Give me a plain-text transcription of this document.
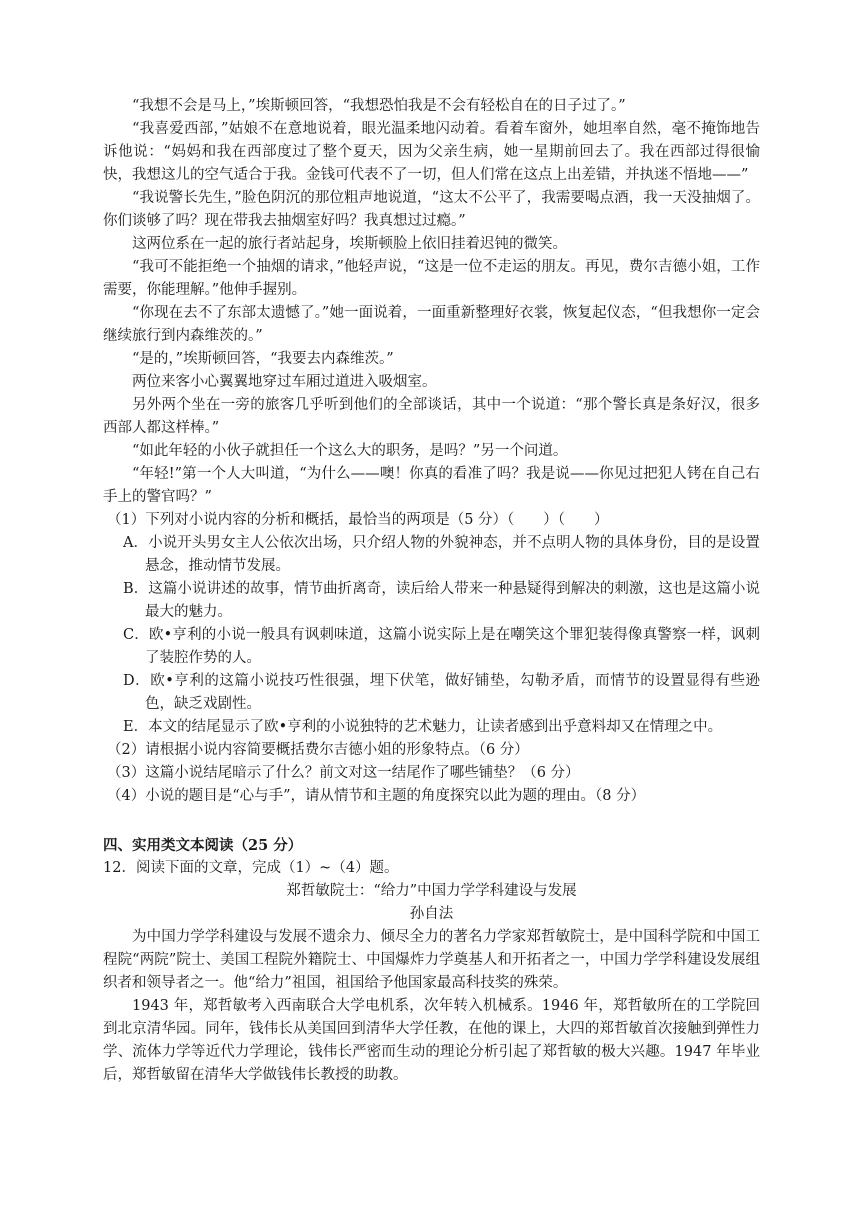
“我想不会是马上，”埃斯顿回答，“我想恐怕我是不会有轻松自在的日子过了。”

“我喜爱西部，”姑娘不在意地说着，眼光温柔地闪动着。看着车窗外，她坦率自然，毫不掩饰地告诉他说：“妈妈和我在西部度过了整个夏天，因为父亲生病，她一星期前回去了。我在西部过得很愉快，我想这儿的空气适合于我。金钱可代表不了一切，但人们常在这点上出差错，并执迷不悟地——”

“我说警长先生，”脸色阴沉的那位粗声地说道，“这太不公平了，我需要喝点酒，我一天没抽烟了。你们谈够了吗？现在带我去抽烟室好吗？我真想过过瘾。”

这两位系在一起的旅行者站起身，埃斯顿脸上依旧挂着迟钝的微笑。

“我可不能拒绝一个抽烟的请求，”他轻声说，“这是一位不走运的朋友。再见，费尔吉德小姐，工作需要，你能理解。”他伸手握别。

“你现在去不了东部太遗憾了。”她一面说着，一面重新整理好衣裳，恢复起仪态，“但我想你一定会继续旅行到内森维茨的。”

“是的，”埃斯顿回答，“我要去内森维茨。”

两位来客小心翼翼地穿过车厢过道进入吸烟室。

另外两个坐在一旁的旅客几乎听到他们的全部谈话，其中一个说道：“那个警长真是条好汉，很多西部人都这样棒。”

“如此年轻的小伙子就担任一个这么大的职务，是吗？”另一个问道。

“年轻!”第一个人大叫道，“为什么——噢！你真的看准了吗？我是说——你见过把犯人铐在自己右手上的警官吗？”

（1）下列对小说内容的分析和概括，最恰当的两项是（5 分）（　　）（　　）

A．小说开头男女主人公依次出场，只介绍人物的外貌神态，并不点明人物的具体身份，目的是设置悬念，推动情节发展。

B．这篇小说讲述的故事，情节曲折离奇，读后给人带来一种悬疑得到解决的刺激，这也是这篇小说最大的魅力。

C．欧•亨利的小说一般具有讽刺味道，这篇小说实际上是在嘲笑这个罪犯装得像真警察一样，讽刺了装腔作势的人。

D．欧•亨利的这篇小说技巧性很强，埋下伏笔，做好铺垫，勾勒矛盾，而情节的设置显得有些逊色，缺乏戏剧性。

E．本文的结尾显示了欧•亨利的小说独特的艺术魅力，让读者感到出乎意料却又在情理之中。

（2）请根据小说内容简要概括费尔吉德小姐的形象特点。（6 分）

（3）这篇小说结尾暗示了什么？前文对这一结尾作了哪些铺垫？（6 分）

（4）小说的题目是“心与手”，请从情节和主题的角度探究以此为题的理由。（8 分）

四、实用类文本阅读（25 分）

12．阅读下面的文章，完成（1）~（4）题。

郑哲敏院士：“给力”中国力学学科建设与发展

孙自法

为中国力学学科建设与发展不遗余力、倾尽全力的著名力学家郑哲敏院士，是中国科学院和中国工程院“两院”院士、美国工程院外籍院士、中国爆炸力学奠基人和开拓者之一，中国力学学科建设发展组织者和领导者之一。他“给力”祖国，祖国给予他国家最高科技奖的殊荣。

1943 年，郑哲敏考入西南联合大学电机系，次年转入机械系。1946 年，郑哲敏所在的工学院回到北京清华园。同年，钱伟长从美国回到清华大学任教，在他的课上，大四的郑哲敏首次接触到弹性力学、流体力学等近代力学理论，钱伟长严密而生动的理论分析引起了郑哲敏的极大兴趣。1947 年毕业后，郑哲敏留在清华大学做钱伟长教授的助教。
